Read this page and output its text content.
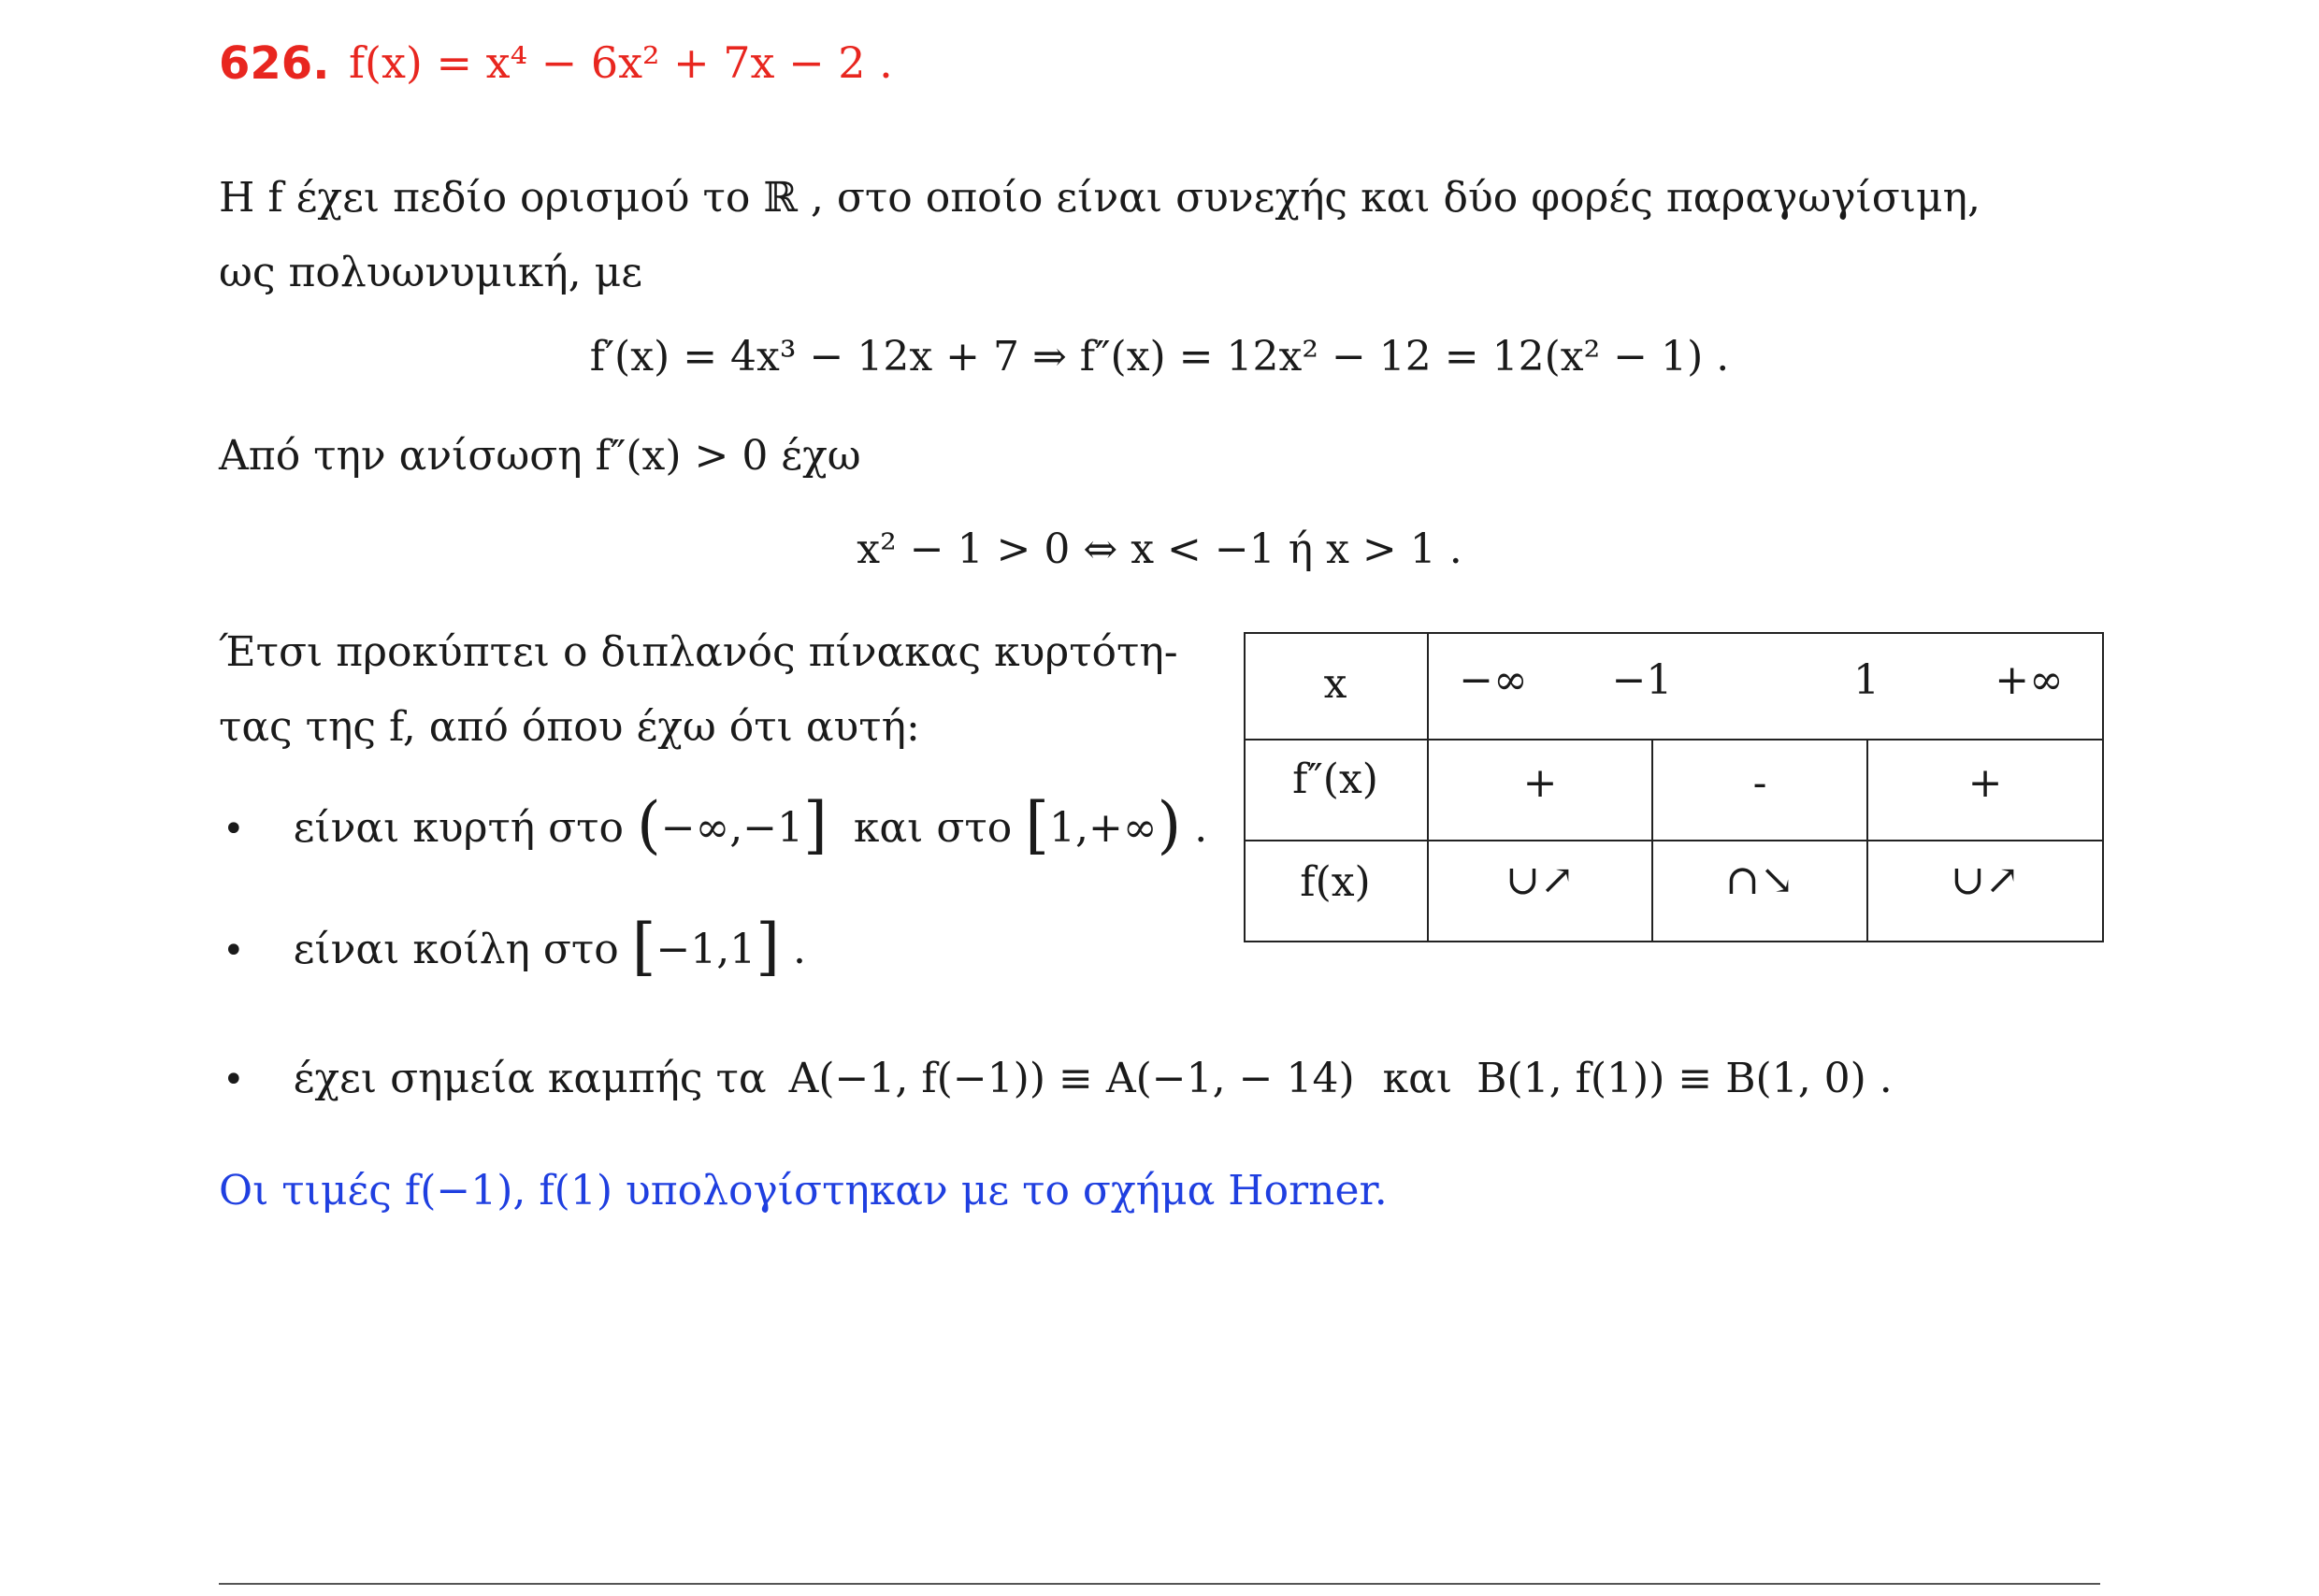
626. f(x) = x⁴ − 6x² + 7x − 2 .
Η f έχει πεδίο ορισμού το ℝ , στο οποίο είναι συνεχής και δύο φορές παραγωγίσιμη,
ως πολυωνυμική, με
f′(x) = 4x³ − 12x + 7 ⇒ f″(x) = 12x² − 12 = 12(x² − 1) .
Από την ανίσωση f″(x) > 0 έχω
x² − 1 > 0 ⇔ x < −1 ή x > 1 .
Έτσι προκύπτει ο διπλανός πίνακας κυρτότη-
τας της f, από όπου έχω ότι αυτή:
• είναι κυρτή στο (−∞,−1] και στο [1,+∞) .
• είναι κοίλη στο [−1,1] .
• έχει σημεία καμπής τα A(−1, f(−1)) ≡ A(−1, − 14) και B(1, f(1)) ≡ B(1, 0) .
Οι τιμές f(−1), f(1) υπολογίστηκαν με το σχήμα Horner.
x	−∞	−1	1	+∞
f″(x)	+	-	+
f(x)	∪↗	∩↘	∪↗
